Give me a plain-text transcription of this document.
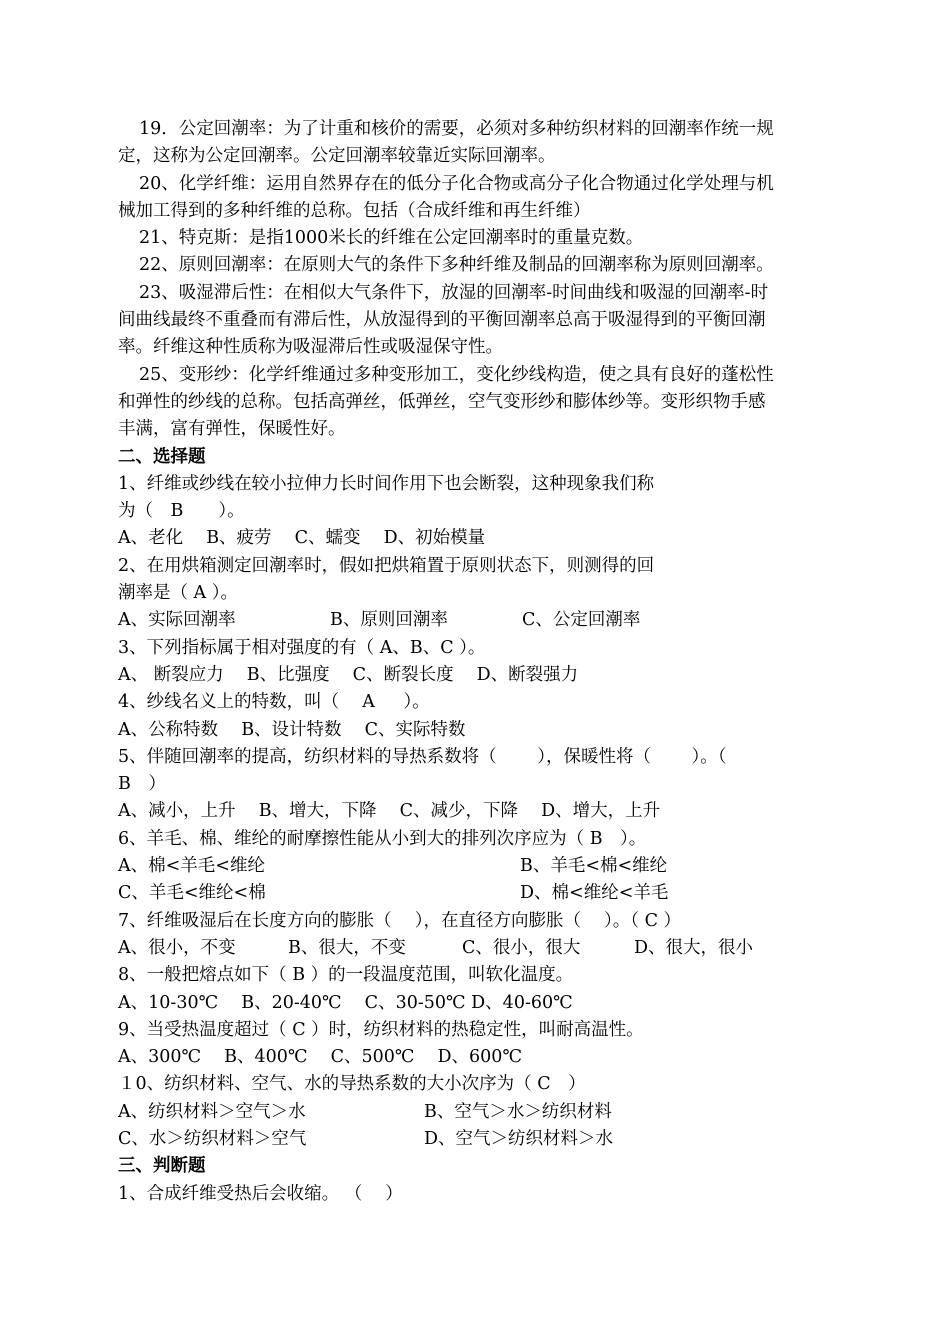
19．公定回潮率：为了计重和核价的需要，必须对多种纺织材料的回潮率作统一规
定，这称为公定回潮率。公定回潮率较靠近实际回潮率。
20、化学纤维：运用自然界存在的低分子化合物或高分子化合物通过化学处理与机
械加工得到的多种纤维的总称。包括（合成纤维和再生纤维）
21、特克斯：是指1000米长的纤维在公定回潮率时的重量克数。
22、原则回潮率：在原则大气的条件下多种纤维及制品的回潮率称为原则回潮率。
23、吸湿滞后性：在相似大气条件下，放湿的回潮率-时间曲线和吸湿的回潮率-时
间曲线最终不重叠而有滞后性，从放湿得到的平衡回潮率总高于吸湿得到的平衡回潮
率。纤维这种性质称为吸湿滞后性或吸湿保守性。
25、变形纱：化学纤维通过多种变形加工，变化纱线构造，使之具有良好的蓬松性
和弹性的纱线的总称。包括高弹丝，低弹丝，空气变形纱和膨体纱等。变形织物手感
丰满，富有弹性，保暖性好。
二、选择题
1、纤维或纱线在较小拉伸力长时间作用下也会断裂，这种现象我们称
为（　B　　）。
A、老化　 B、疲劳　 C、蠕变　 D、初始模量
2、在用烘箱测定回潮率时，假如把烘箱置于原则状态下，则测得的回
潮率是（ A ）。
A、实际回潮率	B、原则回潮率	C、公定回潮率
3、下列指标属于相对强度的有（ A、B、C ）。
A、 断裂应力　 B、比强度　 C、断裂长度　 D、断裂强力
4、纱线名义上的特数，叫（　 A 　 ）。
A、公称特数　 B、设计特数　 C、实际特数
5、伴随回潮率的提高，纺织材料的导热系数将（　 　），保暖性将（　 　）。（
B　）
A、减小，上升　 B、增大，下降　 C、减少，下降　 D、增大，上升
6、羊毛、棉、维纶的耐摩擦性能从小到大的排列次序应为（ B　）。
A、棉<羊毛<维纶	B、羊毛<棉<维纶
C、羊毛<维纶<棉	D、棉<维纶<羊毛
7、纤维吸湿后在长度方向的膨胀（　 ），在直径方向膨胀（　 ）。（ C ）
A、很小，不变	B、很大，不变	C、很小，很大	D、很大，很小
8、一般把熔点如下（ B ）的一段温度范围，叫软化温度。
A、10-30℃　 B、20-40℃　 C、30-50℃ D、40-60℃
9、当受热温度超过（ C ）时，纺织材料的热稳定性，叫耐高温性。
A、300℃　 B、400℃　 C、500℃　 D、600℃
１0、纺织材料、空气、水的导热系数的大小次序为（ C　）
A、纺织材料＞空气＞水	B、空气＞水＞纺织材料
C、水＞纺织材料＞空气	D、空气＞纺织材料＞水
三、判断题
1、合成纤维受热后会收缩。 （　 ）
